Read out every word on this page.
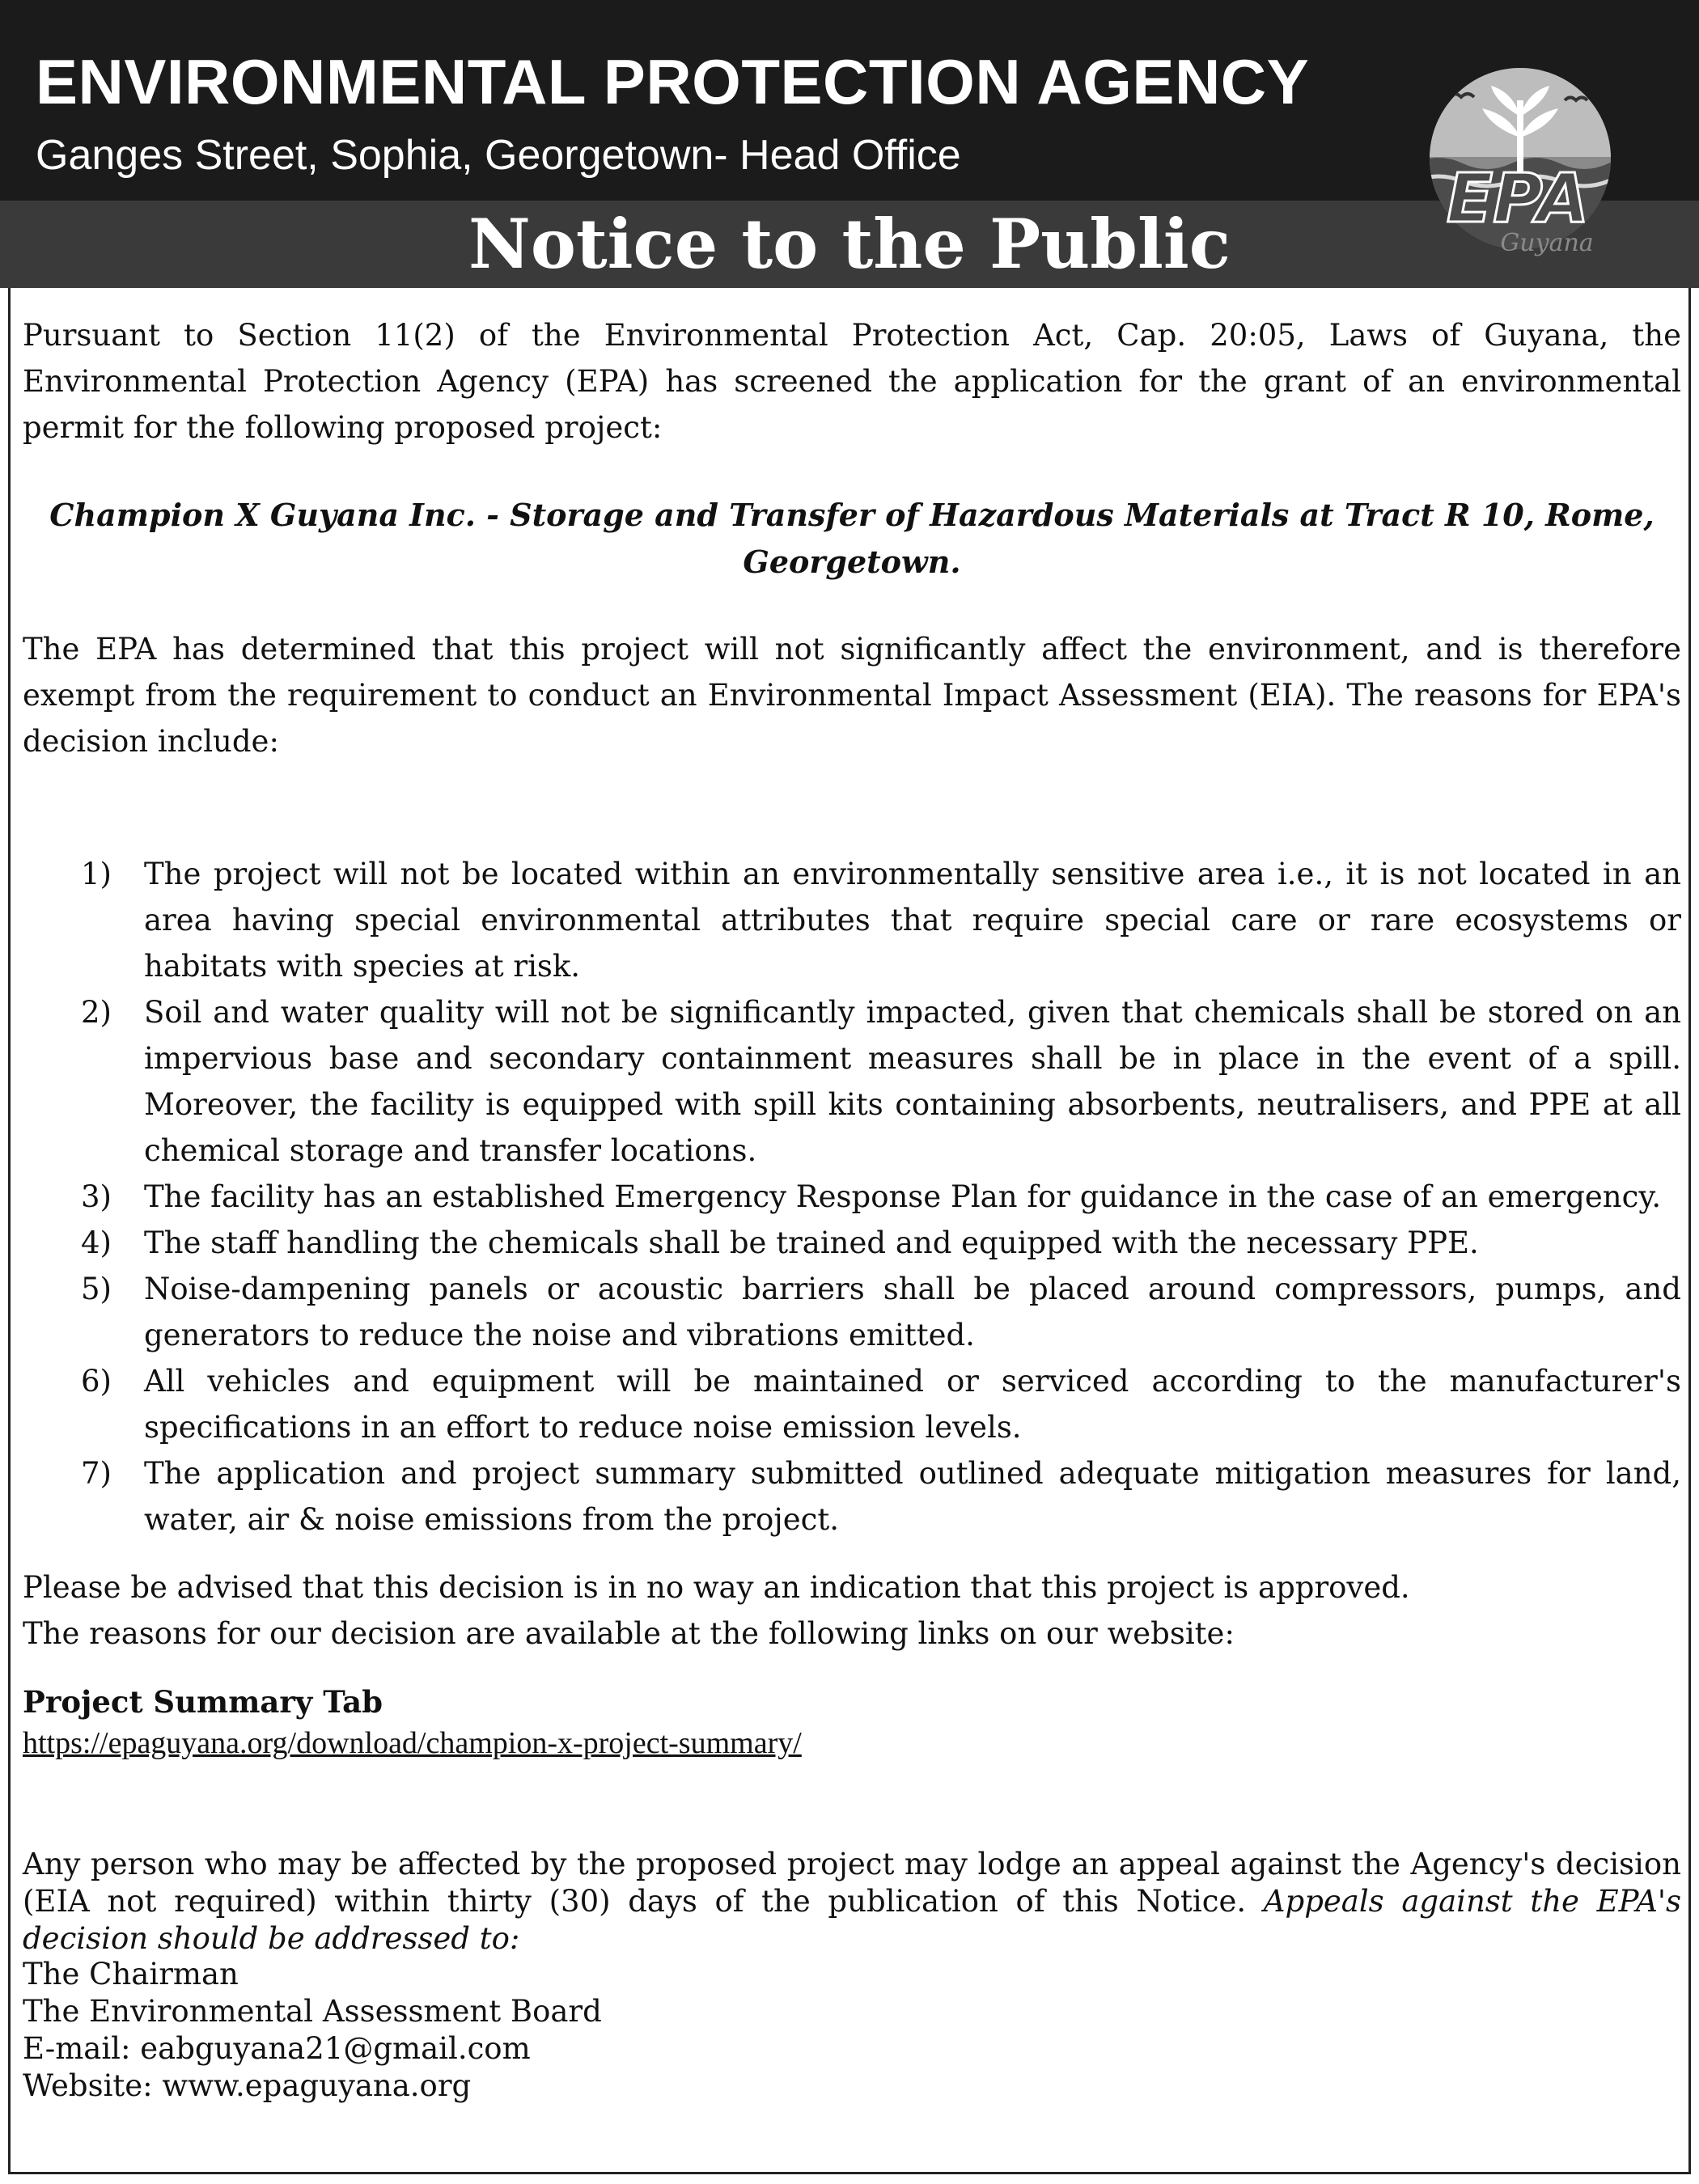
ENVIRONMENTAL PROTECTION AGENCY
Ganges Street, Sophia, Georgetown- Head Office
Notice to the Public
EPA
Guyana
Pursuant to Section 11(2) of the Environmental Protection Act, Cap. 20:05, Laws of Guyana, the Environmental Protection Agency (EPA) has screened the application for the grant of an environmental permit for the following proposed project:
Champion X Guyana Inc. - Storage and Transfer of Hazardous Materials at Tract R 10, Rome, Georgetown.
The EPA has determined that this project will not significantly affect the environment, and is therefore exempt from the requirement to conduct an Environmental Impact Assessment (EIA). The reasons for EPA's decision include:
1) The project will not be located within an environmentally sensitive area i.e., it is not located in an area having special environmental attributes that require special care or rare ecosystems or habitats with species at risk.
2) Soil and water quality will not be significantly impacted, given that chemicals shall be stored on an impervious base and secondary containment measures shall be in place in the event of a spill. Moreover, the facility is equipped with spill kits containing absorbents, neutralisers, and PPE at all chemical storage and transfer locations.
3) The facility has an established Emergency Response Plan for guidance in the case of an emergency.
4) The staff handling the chemicals shall be trained and equipped with the necessary PPE.
5) Noise-dampening panels or acoustic barriers shall be placed around compressors, pumps, and generators to reduce the noise and vibrations emitted.
6) All vehicles and equipment will be maintained or serviced according to the manufacturer's specifications in an effort to reduce noise emission levels.
7) The application and project summary submitted outlined adequate mitigation measures for land, water, air & noise emissions from the project.
Please be advised that this decision is in no way an indication that this project is approved.
The reasons for our decision are available at the following links on our website:
Project Summary Tab
https://epaguyana.org/download/champion-x-project-summary/
Any person who may be affected by the proposed project may lodge an appeal against the Agency's decision (EIA not required) within thirty (30) days of the publication of this Notice. Appeals against the EPA's decision should be addressed to:
The Chairman
The Environmental Assessment Board
E-mail: eabguyana21@gmail.com
Website: www.epaguyana.org
